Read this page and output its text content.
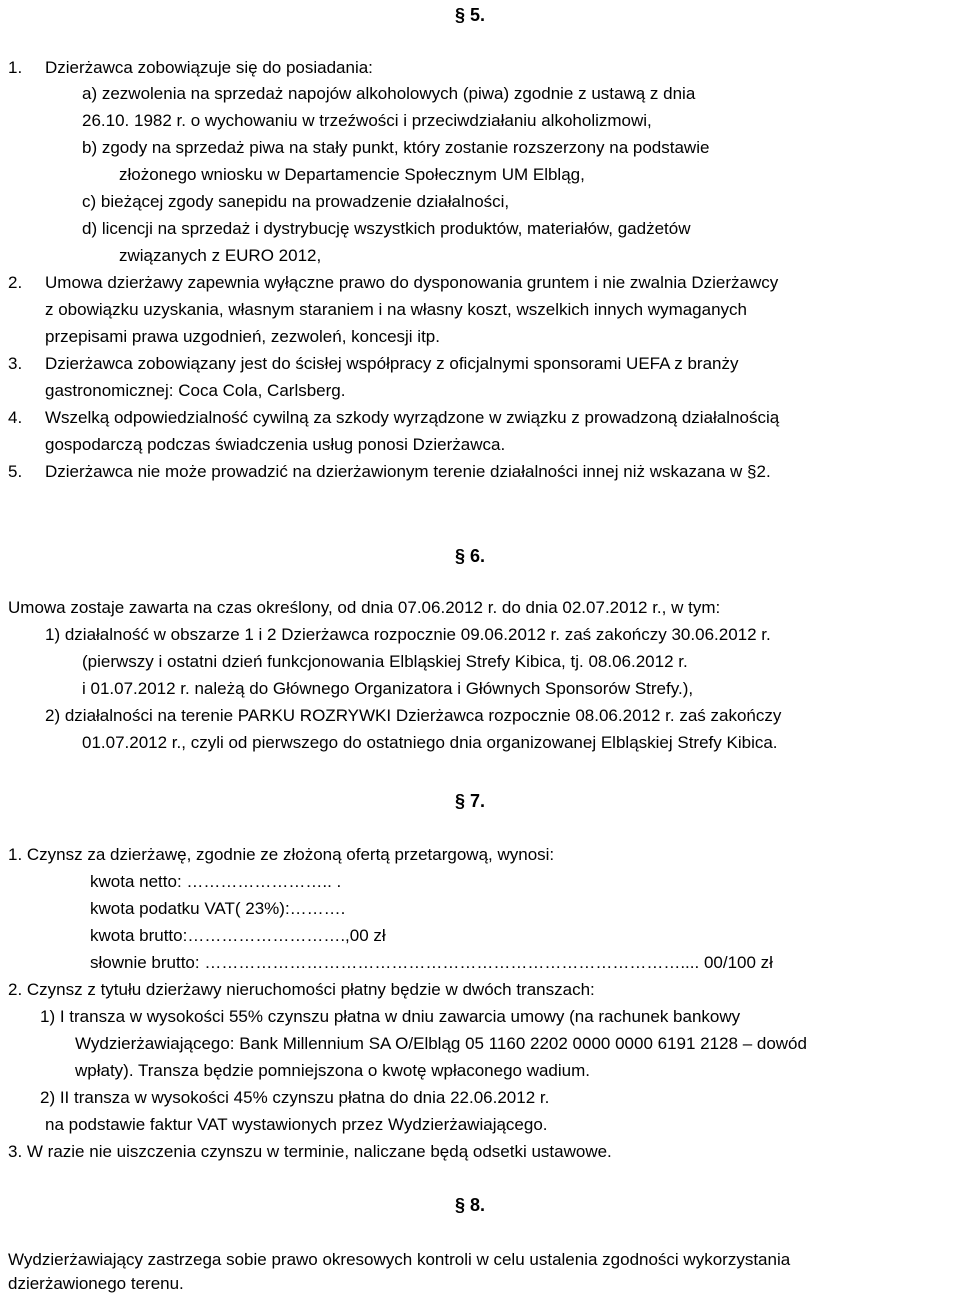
§ 5.
1. Dzierżawca zobowiązuje się do posiadania:
a) zezwolenia na sprzedaż napojów alkoholowych (piwa) zgodnie z ustawą z dnia
26.10. 1982 r. o wychowaniu w trzeźwości i przeciwdziałaniu alkoholizmowi,
b) zgody na sprzedaż piwa na stały punkt, który zostanie rozszerzony na podstawie
złożonego wniosku w Departamencie Społecznym UM Elbląg,
c) bieżącej zgody sanepidu na prowadzenie działalności,
d) licencji na sprzedaż i dystrybucję wszystkich produktów, materiałów, gadżetów
związanych z EURO 2012,
2. Umowa dzierżawy zapewnia wyłączne prawo do dysponowania gruntem i nie zwalnia Dzierżawcy
z obowiązku uzyskania, własnym staraniem i na własny koszt, wszelkich innych wymaganych
przepisami prawa uzgodnień, zezwoleń, koncesji itp.
3. Dzierżawca zobowiązany jest do ścisłej współpracy z oficjalnymi sponsorami UEFA z branży
gastronomicznej: Coca Cola, Carlsberg.
4. Wszelką odpowiedzialność cywilną za szkody wyrządzone w związku z prowadzoną działalnością
gospodarczą podczas świadczenia usług ponosi Dzierżawca.
5. Dzierżawca nie może prowadzić na dzierżawionym terenie działalności innej niż wskazana w §2.
§ 6.
Umowa zostaje zawarta na czas określony, od dnia 07.06.2012 r. do dnia 02.07.2012 r., w tym:
1) działalność w obszarze 1 i 2 Dzierżawca rozpocznie 09.06.2012 r. zaś zakończy 30.06.2012 r.
(pierwszy i ostatni dzień funkcjonowania Elbląskiej Strefy Kibica, tj. 08.06.2012 r.
i 01.07.2012 r. należą do Głównego Organizatora i Głównych Sponsorów Strefy.),
2) działalności na terenie PARKU ROZRYWKI Dzierżawca rozpocznie 08.06.2012 r. zaś zakończy
01.07.2012 r., czyli od pierwszego do ostatniego dnia organizowanej Elbląskiej Strefy Kibica.
§ 7.
1. Czynsz za dzierżawę, zgodnie ze złożoną ofertą przetargową, wynosi:
kwota netto: …………………….. .
kwota podatku VAT( 23%):……….
kwota brutto:……………………….,00 zł
słownie brutto: ………………………………………………………………………….... 00/100 zł
2. Czynsz z tytułu dzierżawy nieruchomości płatny będzie w dwóch transzach:
1) I transza w wysokości 55% czynszu płatna w dniu zawarcia umowy (na rachunek bankowy
Wydzierżawiającego: Bank Millennium SA O/Elbląg 05 1160 2202 0000 0000 6191 2128 – dowód
wpłaty). Transza będzie pomniejszona o kwotę wpłaconego wadium.
2) II transza w wysokości 45% czynszu płatna do dnia 22.06.2012 r.
na podstawie faktur VAT wystawionych przez Wydzierżawiającego.
3. W razie nie uiszczenia czynszu w terminie, naliczane będą odsetki ustawowe.
§ 8.
Wydzierżawiający zastrzega sobie prawo okresowych kontroli w celu ustalenia zgodności wykorzystania
dzierżawionego terenu.
